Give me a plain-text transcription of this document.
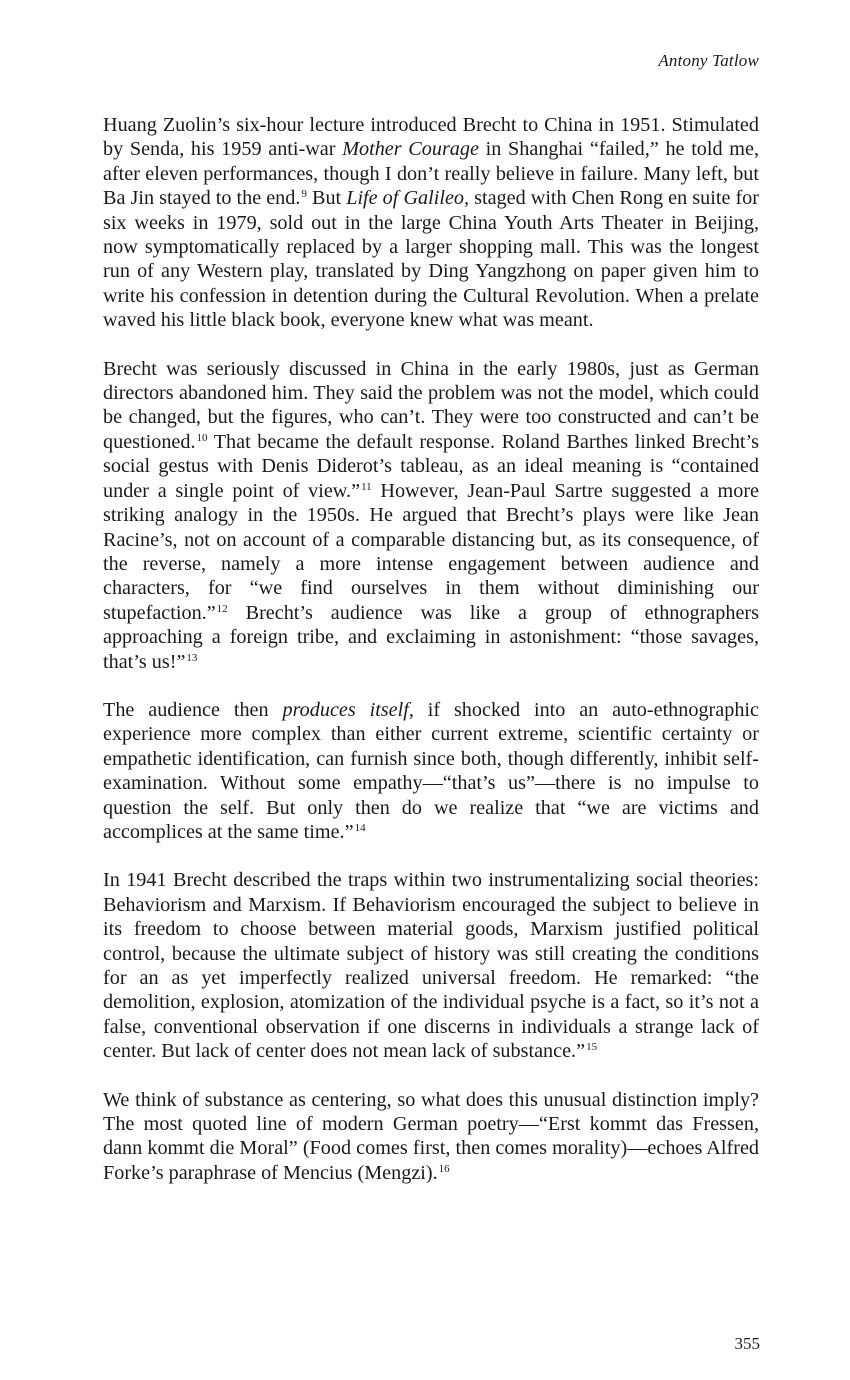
Antony Tatlow

Huang Zuolin’s six-hour lecture introduced Brecht to China in 1951. Stimulated by Senda, his 1959 anti-war Mother Courage in Shanghai “failed,” he told me, after eleven performances, though I don’t really believe in failure. Many left, but Ba Jin stayed to the end.$^9$ But Life of Galileo, staged with Chen Rong en suite for six weeks in 1979, sold out in the large China Youth Arts Theater in Beijing, now symptomatically replaced by a larger shopping mall. This was the longest run of any Western play, translated by Ding Yangzhong on paper given him to write his confession in detention during the Cultural Revolution. When a prelate waved his little black book, everyone knew what was meant.

Brecht was seriously discussed in China in the early 1980s, just as German directors abandoned him. They said the problem was not the model, which could be changed, but the figures, who can’t. They were too constructed and can’t be questioned.$^{10}$ That became the default response. Roland Barthes linked Brecht’s social gestus with Denis Diderot’s tableau, as an ideal meaning is “contained under a single point of view.”$^{11}$ However, Jean-Paul Sartre suggested a more striking analogy in the 1950s. He argued that Brecht’s plays were like Jean Racine’s, not on account of a comparable distancing but, as its consequence, of the reverse, namely a more intense engagement between audience and characters, for “we find ourselves in them without diminishing our stupefaction.”$^{12}$ Brecht’s audience was like a group of ethnographers approaching a foreign tribe, and exclaiming in astonishment: “those savages, that’s us!”$^{13}$

The audience then produces itself, if shocked into an auto-ethnographic experience more complex than either current extreme, scientific certainty or empathetic identification, can furnish since both, though differently, inhibit self-examination. Without some empathy—“that’s us”—there is no impulse to question the self. But only then do we realize that “we are victims and accomplices at the same time.”$^{14}$

In 1941 Brecht described the traps within two instrumentalizing social theories: Behaviorism and Marxism. If Behaviorism encouraged the subject to believe in its freedom to choose between material goods, Marxism justified political control, because the ultimate subject of history was still creating the conditions for an as yet imperfectly realized universal freedom. He remarked: “the demolition, explosion, atomization of the individual psyche is a fact, so it’s not a false, conventional observation if one discerns in individuals a strange lack of center. But lack of center does not mean lack of substance.”$^{15}$

We think of substance as centering, so what does this unusual distinction imply? The most quoted line of modern German poetry—“Erst kommt das Fressen, dann kommt die Moral” (Food comes first, then comes morality)—echoes Alfred Forke’s paraphrase of Mencius (Mengzi).$^{16}$

355
